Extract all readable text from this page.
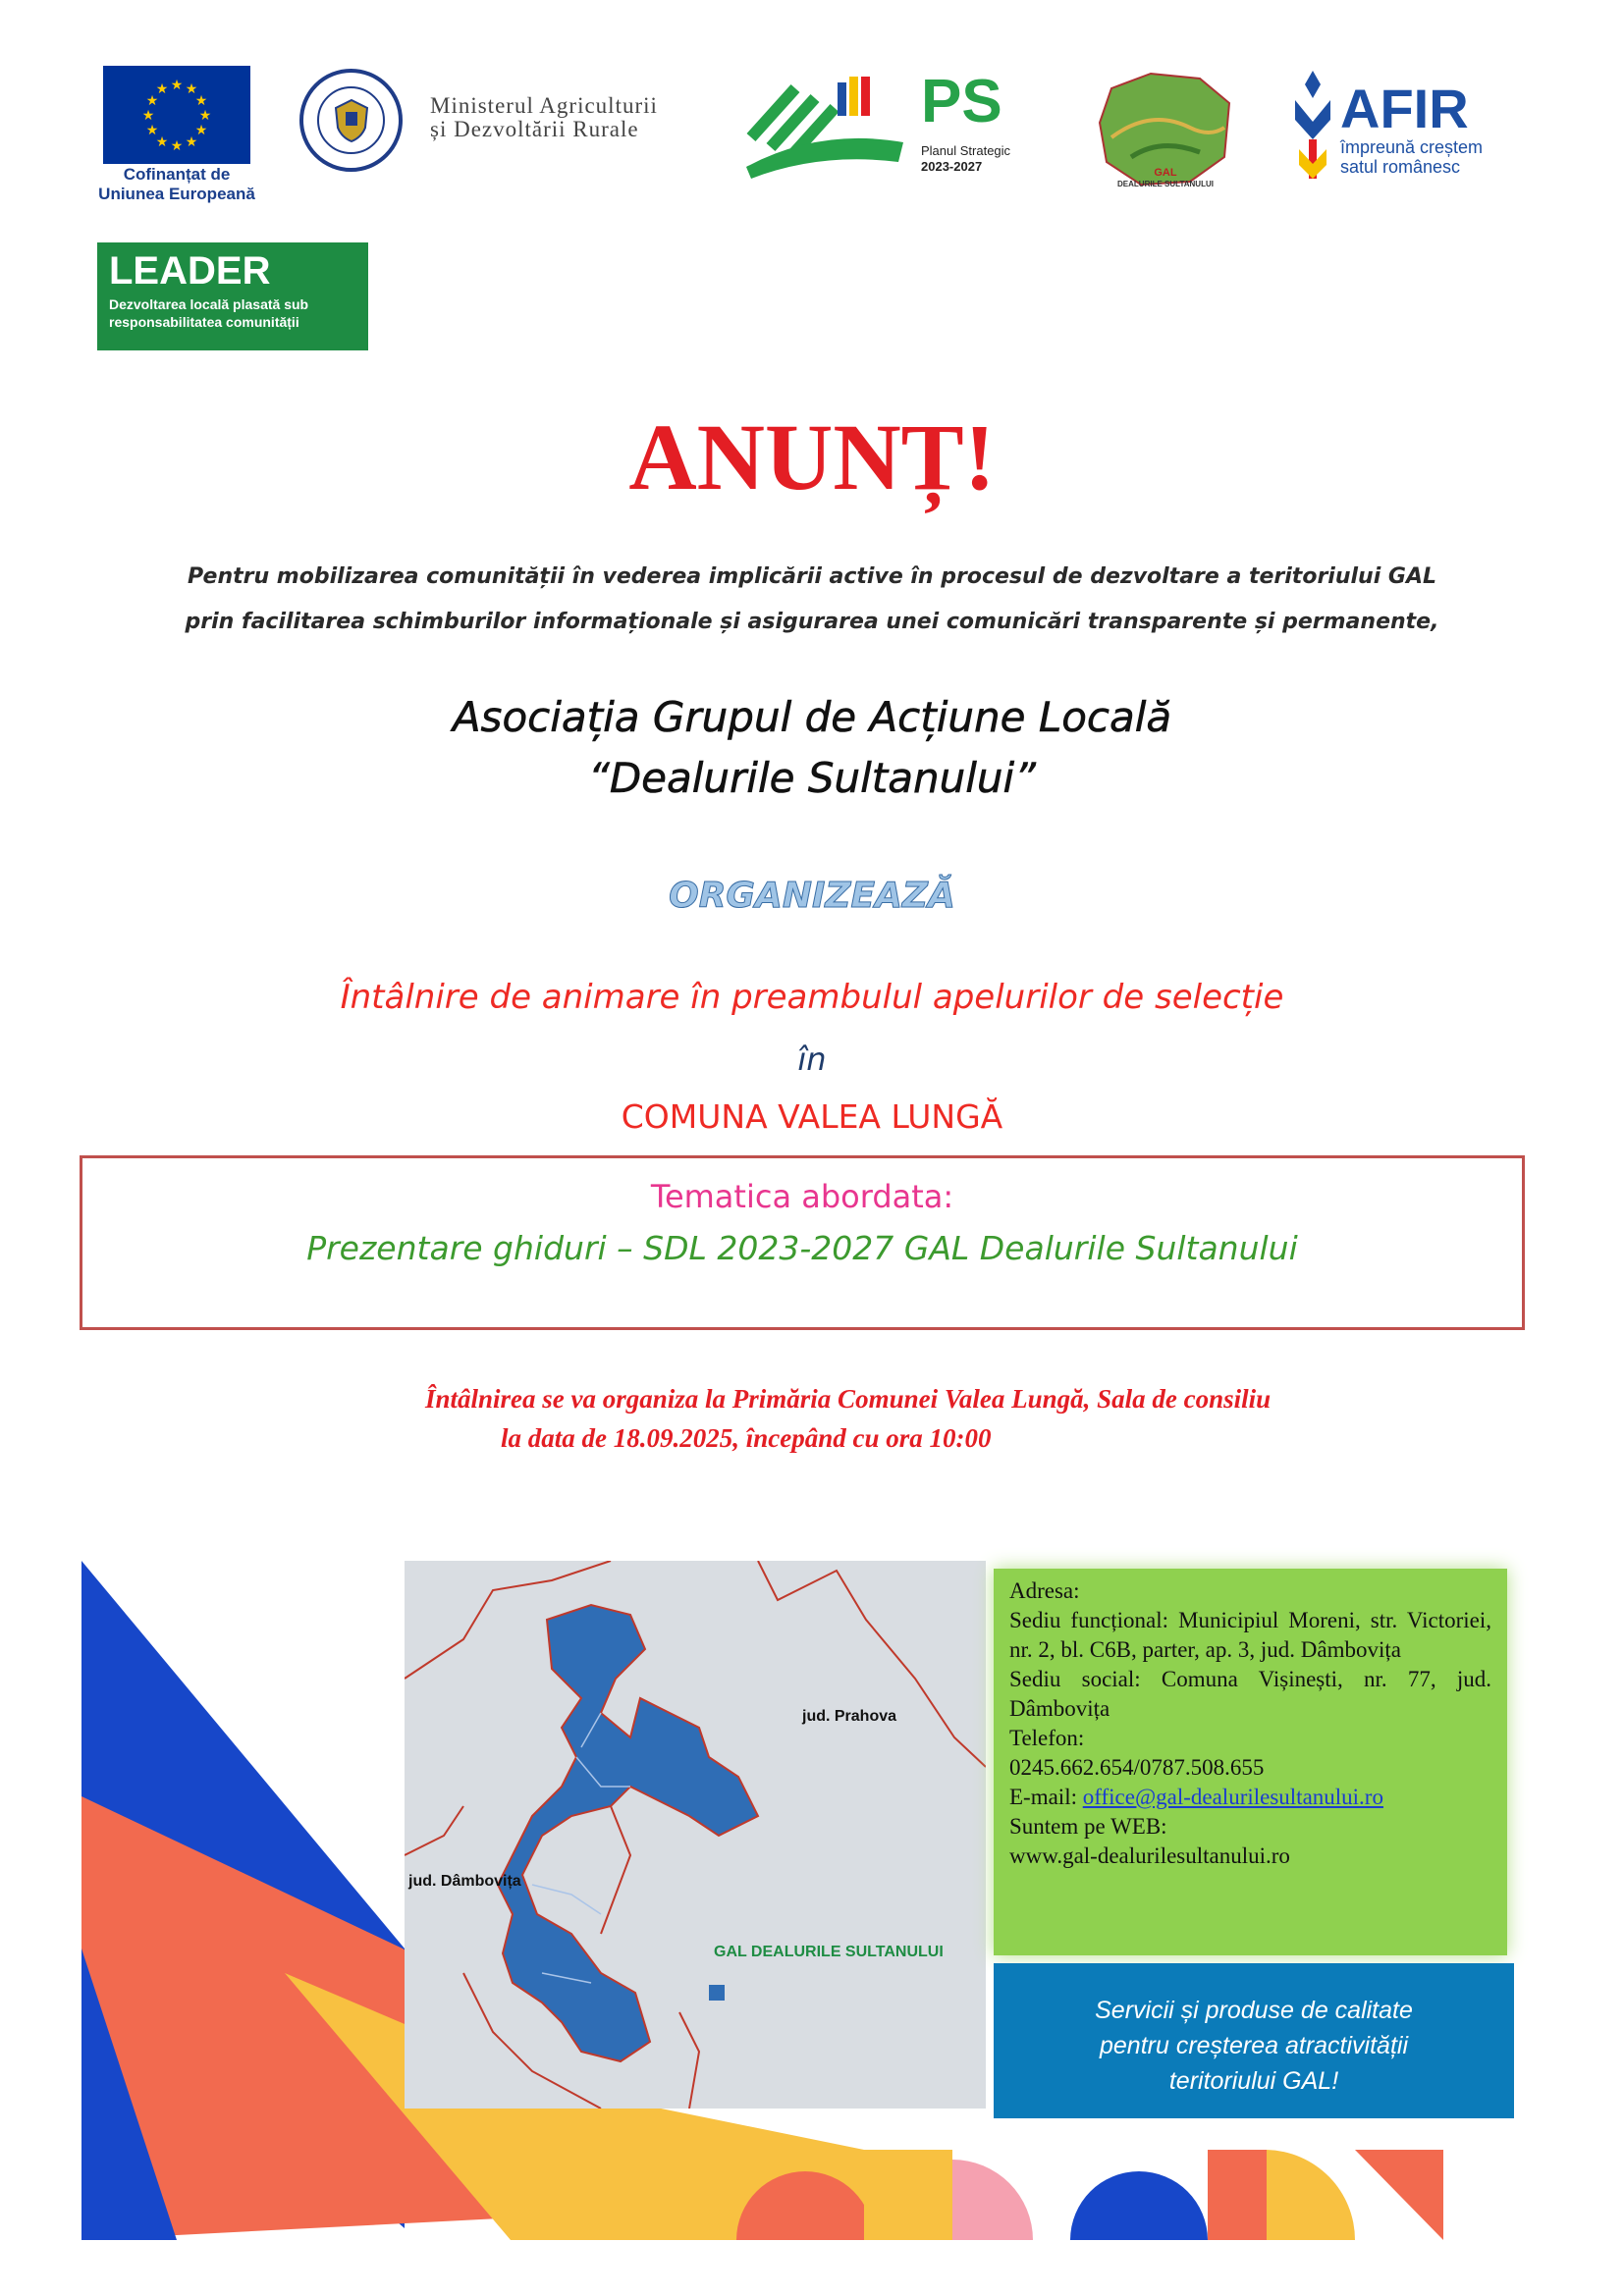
★ ★
★
★
★
★
★
★
★
★
★
★
Cofinanțat de
Uniunea Europeană
Ministerul Agriculturii
și Dezvoltării Rurale	PS
Planul Strategic
2023-2027	GAL
DEALURILE SULTANULUI
AFIR
împreună creștem
satul românesc
LEADER
Dezvoltarea locală plasată sub
responsabilitatea comunității
ANUNȚ!
Pentru mobilizarea comunității în vederea implicării active în procesul de dezvoltare a teritoriului GAL
prin facilitarea schimburilor informaționale și asigurarea unei comunicări transparente și permanente,
Asociația Grupul de Acțiune Locală
“Dealurile Sultanului”
ORGANIZEAZĂ
Întâlnire de animare în preambulul apelurilor de selecție
în
COMUNA VALEA LUNGĂ
Tematica abordata:
Prezentare ghiduri – SDL 2023-2027 GAL Dealurile Sultanului
Întâlnirea se va organiza la Primăria Comunei Valea Lungă, Sala de consiliu
la data de 18.09.2025, începând cu ora 10:00
jud. Prahova
jud. Dâmbovița
GAL DEALURILE SULTANULUI
Adresa:
Sediu funcțional: Municipiul Moreni, str. Victoriei, nr. 2, bl. C6B, parter, ap. 3, jud. Dâmbovița
Sediu social: Comuna Vișinești, nr. 77, jud. Dâmbovița
Telefon:
0245.662.654/0787.508.655
E-mail: office@gal-dealurilesultanului.ro
Suntem pe WEB:
www.gal-dealurilesultanului.ro
Servicii și produse de calitate
pentru creșterea atractivității
teritoriului GAL!
